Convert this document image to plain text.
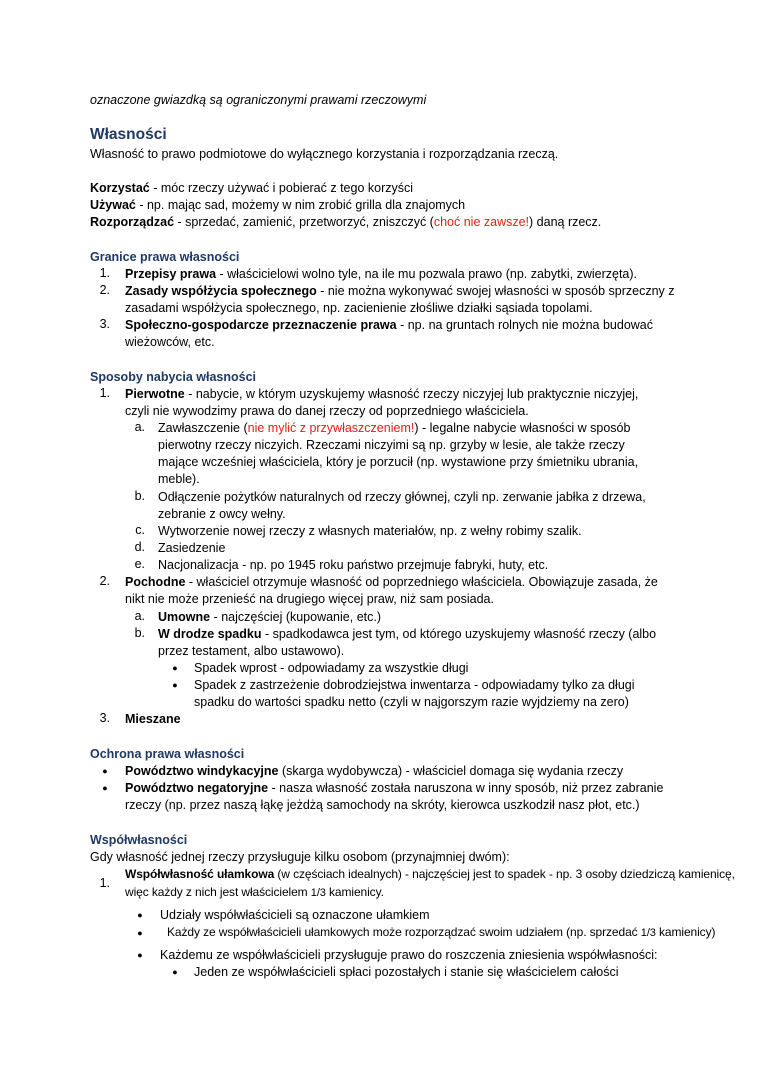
oznaczone gwiazdką są ograniczonymi prawami rzeczowymi
Własności
Własność to prawo podmiotowe do wyłącznego korzystania i rozporządzania rzeczą.
Korzystać - móc rzeczy używać i pobierać z tego korzyści
Używać - np. mając sad, możemy w nim zrobić grilla dla znajomych
Rozporządzać - sprzedać, zamienić, przetworzyć, zniszczyć (choć nie zawsze!) daną rzecz.
Granice prawa własności
1. Przepisy prawa - właścicielowi wolno tyle, na ile mu pozwala prawo (np. zabytki, zwierzęta).
2. Zasady współżycia społecznego - nie można wykonywać swojej własności w sposób sprzeczny z
zasadami współżycia społecznego, np. zacienienie złośliwe działki sąsiada topolami.
3. Społeczno-gospodarcze przeznaczenie prawa - np. na gruntach rolnych nie można budować
wieżowców, etc.
Sposoby nabycia własności
1. Pierwotne - nabycie, w którym uzyskujemy własność rzeczy niczyjej lub praktycznie niczyjej,
czyli nie wywodzimy prawa do danej rzeczy od poprzedniego właściciela.
a. Zawłaszczenie (nie mylić z przywłaszczeniem!) - legalne nabycie własności w sposób
pierwotny rzeczy niczyich. Rzeczami niczyimi są np. grzyby w lesie, ale także rzeczy
mające wcześniej właściciela, który je porzucił (np. wystawione przy śmietniku ubrania,
meble).
b. Odłączenie pożytków naturalnych od rzeczy głównej, czyli np. zerwanie jabłka z drzewa,
zebranie z owcy wełny.
c. Wytworzenie nowej rzeczy z własnych materiałów, np. z wełny robimy szalik.
d. Zasiedzenie
e. Nacjonalizacja - np. po 1945 roku państwo przejmuje fabryki, huty, etc.
2. Pochodne - właściciel otrzymuje własność od poprzedniego właściciela. Obowiązuje zasada, że
nikt nie może przenieść na drugiego więcej praw, niż sam posiada.
a. Umowne - najczęściej (kupowanie, etc.)
b. W drodze spadku - spadkodawca jest tym, od którego uzyskujemy własność rzeczy (albo
przez testament, albo ustawowo).
● Spadek wprost - odpowiadamy za wszystkie długi
● Spadek z zastrzeżenie dobrodziejstwa inwentarza - odpowiadamy tylko za długi
spadku do wartości spadku netto (czyli w najgorszym razie wyjdziemy na zero)
3. Mieszane
Ochrona prawa własności
● Powództwo windykacyjne (skarga wydobywcza) - właściciel domaga się wydania rzeczy
● Powództwo negatoryjne - nasza własność została naruszona w inny sposób, niż przez zabranie
rzeczy (np. przez naszą łąkę jeżdżą samochody na skróty, kierowca uszkodził nasz płot, etc.)
Współwłasności
Gdy własność jednej rzeczy przysługuje kilku osobom (przynajmniej dwóm):
1.
Współwłasność ułamkowa (w częściach idealnych) - najczęściej jest to spadek - np. 3 osoby dziedziczą kamienicę,
więc każdy z nich jest właścicielem 1/3 kamienicy.
● Udziały współwłaścicieli są oznaczone ułamkiem
● Każdy ze współwłaścicieli ułamkowych może rozporządzać swoim udziałem (np. sprzedać 1/3 kamienicy)
● Każdemu ze współwłaścicieli przysługuje prawo do roszczenia zniesienia współwłasności:
● Jeden ze współwłaścicieli spłaci pozostałych i stanie się właścicielem całości
